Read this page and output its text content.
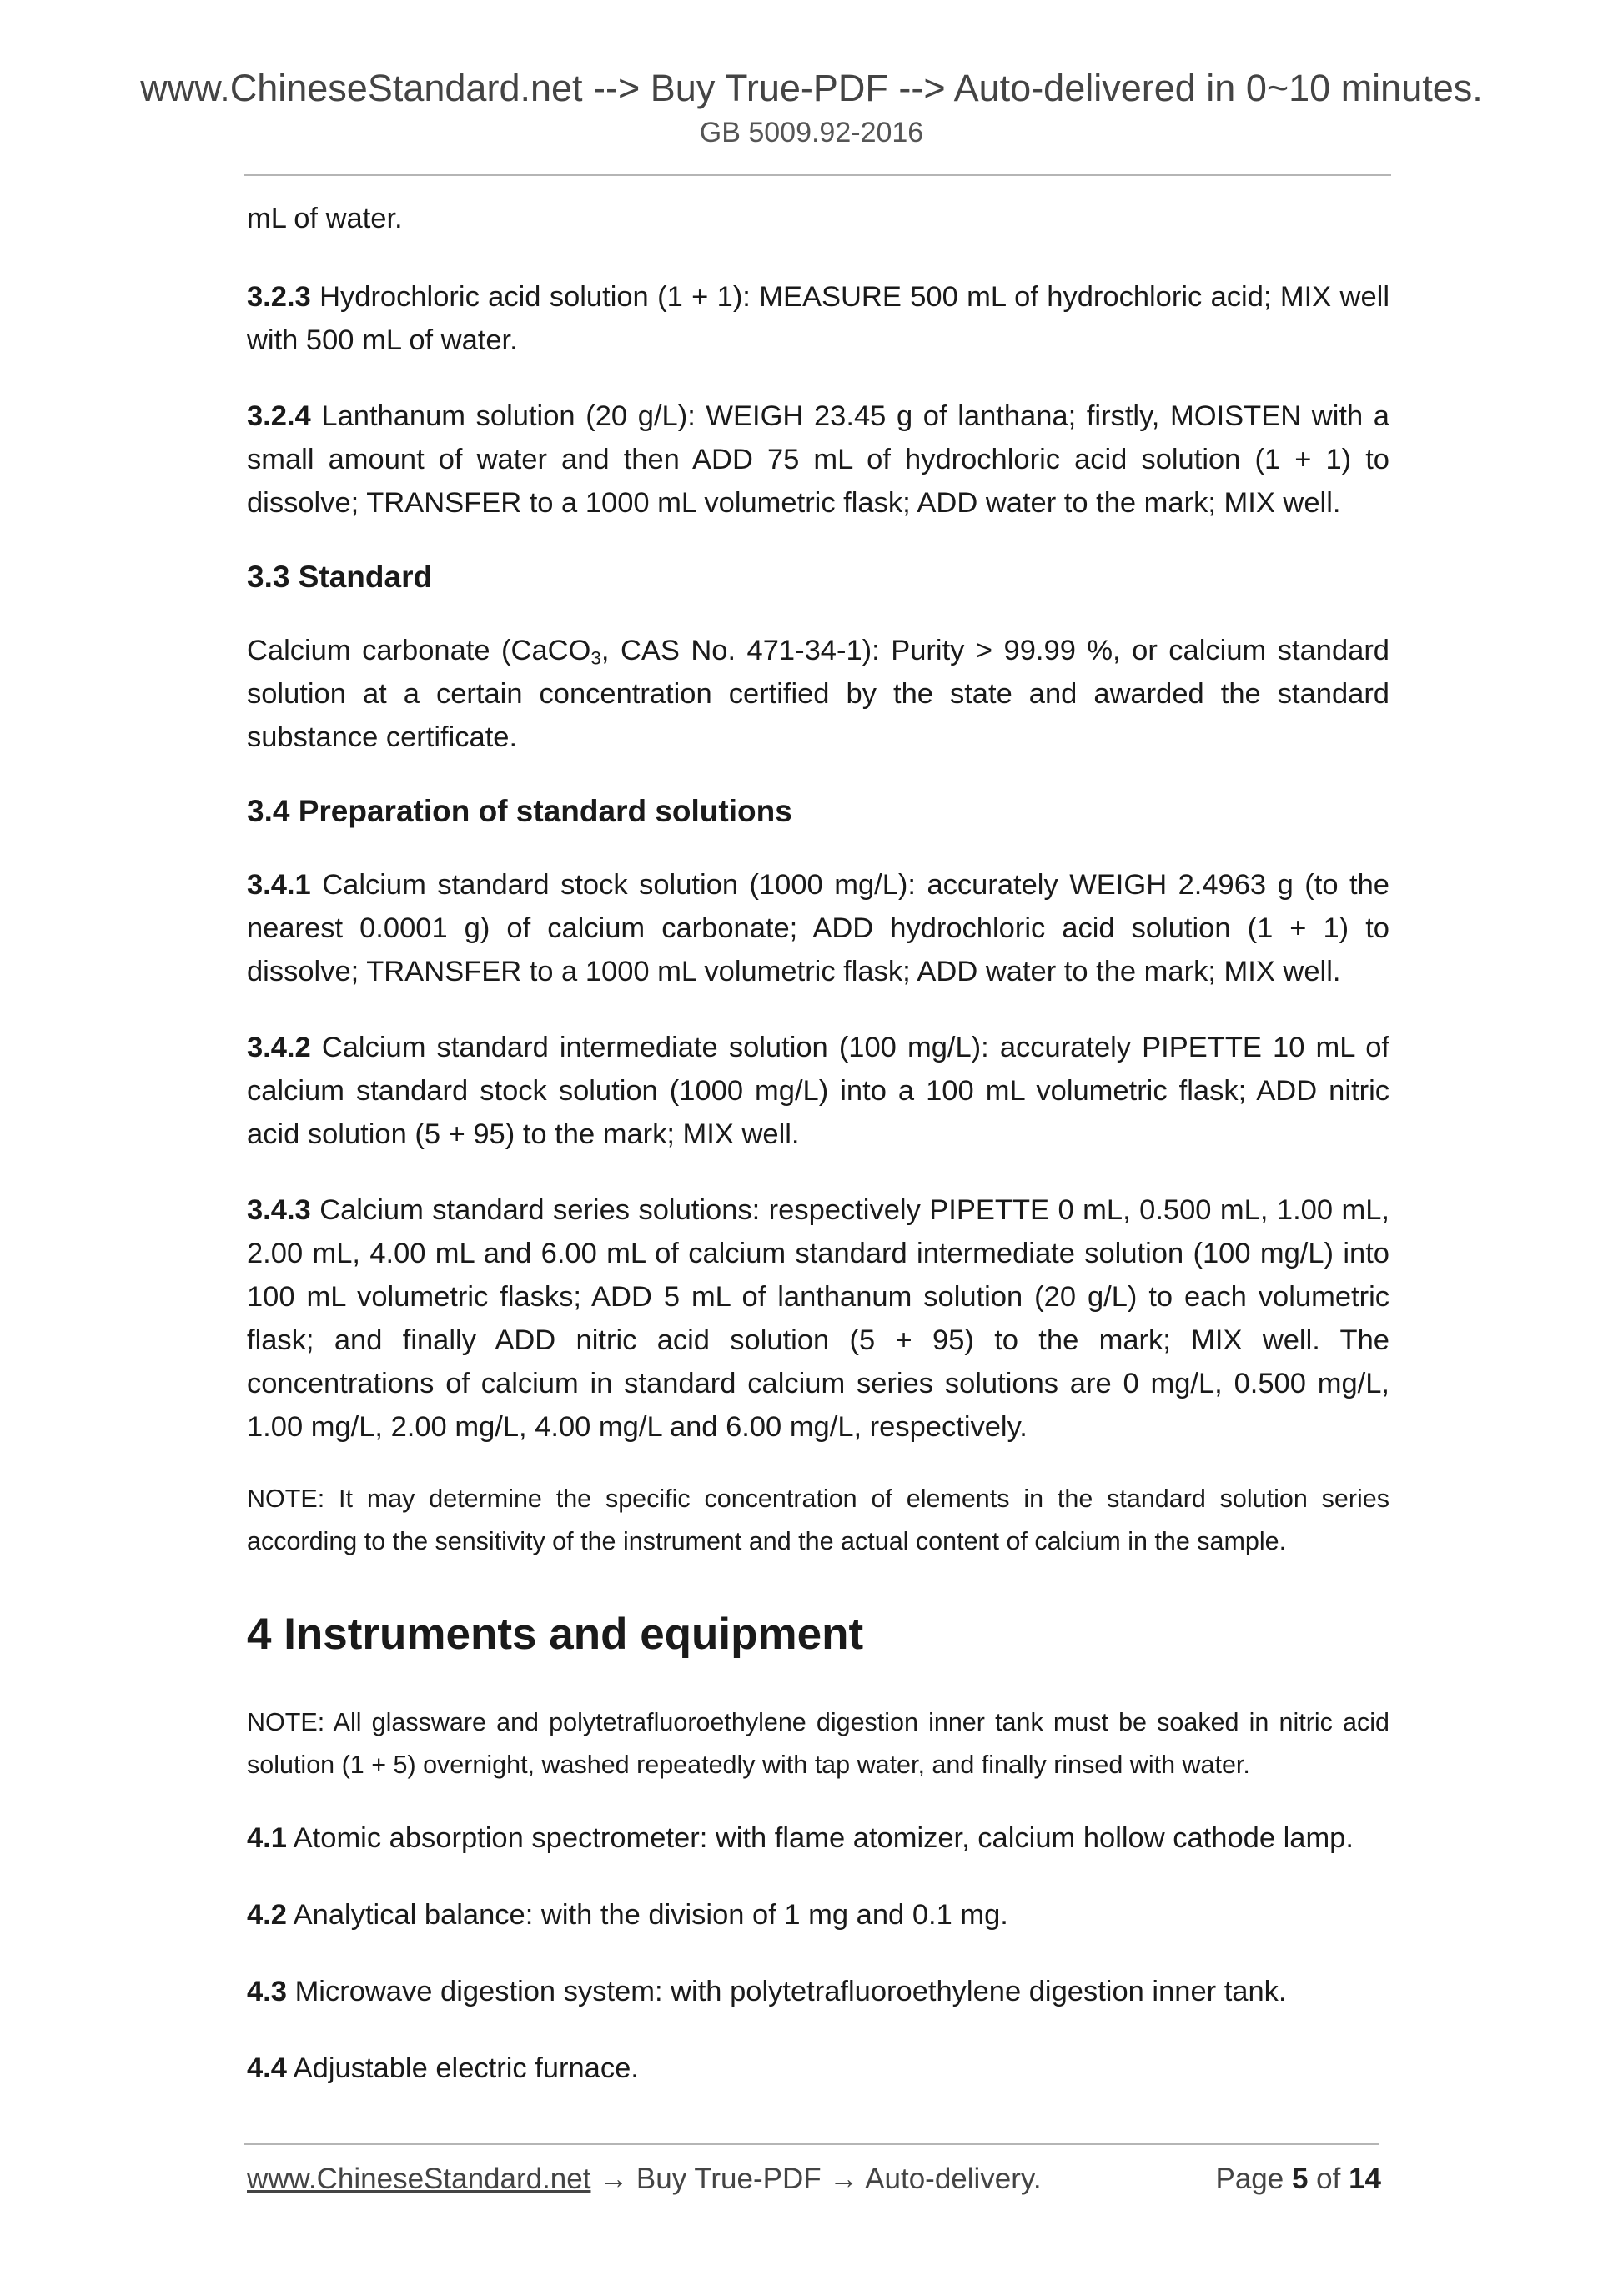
www.ChineseStandard.net --> Buy True-PDF --> Auto-delivered in 0~10 minutes.
GB 5009.92-2016

mL of water.

3.2.3 Hydrochloric acid solution (1 + 1): MEASURE 500 mL of hydrochloric acid; MIX well with 500 mL of water.

3.2.4 Lanthanum solution (20 g/L): WEIGH 23.45 g of lanthana; firstly, MOISTEN with a small amount of water and then ADD 75 mL of hydrochloric acid solution (1 + 1) to dissolve; TRANSFER to a 1000 mL volumetric flask; ADD water to the mark; MIX well.

3.3 Standard

Calcium carbonate (CaCO$_3$, CAS No. 471-34-1): Purity > 99.99 %, or calcium standard solution at a certain concentration certified by the state and awarded the standard substance certificate.

3.4 Preparation of standard solutions

3.4.1 Calcium standard stock solution (1000 mg/L): accurately WEIGH 2.4963 g (to the nearest 0.0001 g) of calcium carbonate; ADD hydrochloric acid solution (1 + 1) to dissolve; TRANSFER to a 1000 mL volumetric flask; ADD water to the mark; MIX well.

3.4.2 Calcium standard intermediate solution (100 mg/L): accurately PIPETTE 10 mL of calcium standard stock solution (1000 mg/L) into a 100 mL volumetric flask; ADD nitric acid solution (5 + 95) to the mark; MIX well.

3.4.3 Calcium standard series solutions: respectively PIPETTE 0 mL, 0.500 mL, 1.00 mL, 2.00 mL, 4.00 mL and 6.00 mL of calcium standard intermediate solution (100 mg/L) into 100 mL volumetric flasks; ADD 5 mL of lanthanum solution (20 g/L) to each volumetric flask; and finally ADD nitric acid solution (5 + 95) to the mark; MIX well. The concentrations of calcium in standard calcium series solutions are 0 mg/L, 0.500 mg/L, 1.00 mg/L, 2.00 mg/L, 4.00 mg/L and 6.00 mg/L, respectively.

NOTE: It may determine the specific concentration of elements in the standard solution series according to the sensitivity of the instrument and the actual content of calcium in the sample.

4 Instruments and equipment

NOTE: All glassware and polytetrafluoroethylene digestion inner tank must be soaked in nitric acid solution (1 + 5) overnight, washed repeatedly with tap water, and finally rinsed with water.

4.1 Atomic absorption spectrometer: with flame atomizer, calcium hollow cathode lamp.

4.2 Analytical balance: with the division of 1 mg and 0.1 mg.

4.3 Microwave digestion system: with polytetrafluoroethylene digestion inner tank.

4.4 Adjustable electric furnace.

www.ChineseStandard.net → Buy True-PDF → Auto-delivery.	Page 5 of 14
